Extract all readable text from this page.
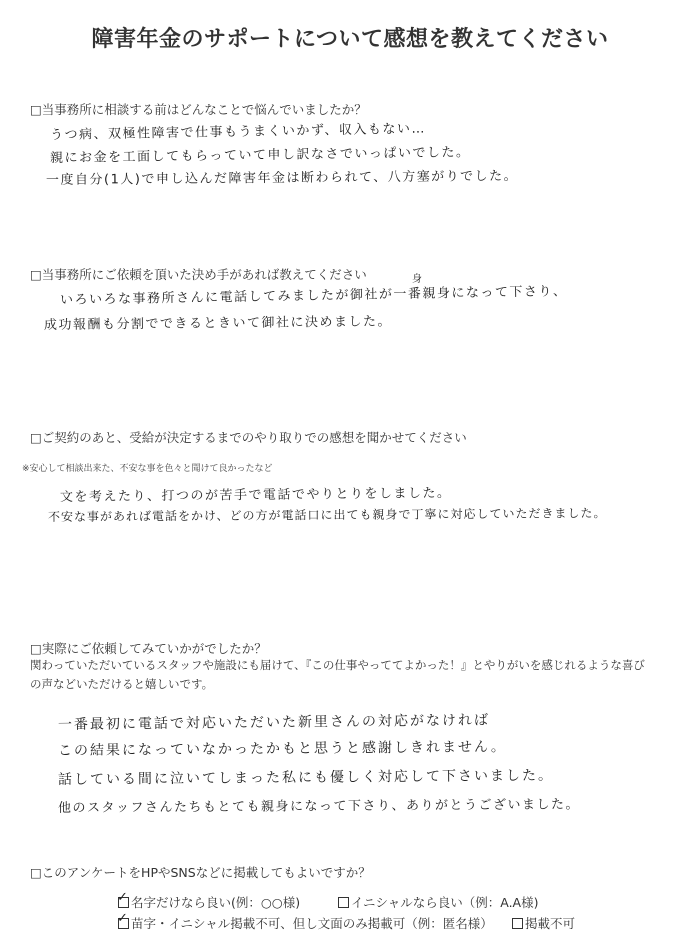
障害年金のサポートについて感想を教えてください
□当事務所に相談する前はどんなことで悩んでいましたか？
うつ病、双極性障害で仕事もうまくいかず、収入もない…
親にお金を工面してもらっていて申し訳なさでいっぱいでした。
一度自分(1人)で申し込んだ障害年金は断わられて、八方塞がりでした。
□当事務所にご依頼を頂いた決め手があれば教えてください	身
いろいろな事務所さんに電話してみましたが御社が一番親身になって下さり、
成功報酬も分割でできるときいて御社に決めました。
□ご契約のあと、受給が決定するまでのやり取りでの感想を聞かせてください
※安心して相談出来た、不安な事を色々と聞けて良かったなど
文を考えたり、打つのが苦手で電話でやりとりをしました。
不安な事があれば電話をかけ、どの方が電話口に出ても親身で丁寧に対応していただきました。
□実際にご依頼してみていかがでしたか？
関わっていただいているスタッフや施設にも届けて、『この仕事やっててよかった！』とやりがいを感じれるような喜び
の声などいただけると嬉しいです。
一番最初に電話で対応いただいた新里さんの対応がなければ
この結果になっていなかったかもと思うと感謝しきれません。
話している間に泣いてしまった私にも優しく対応して下さいました。
他のスタッフさんたちもとても親身になって下さり、ありがとうございました。
□このアンケートをHPやSNSなどに掲載してもよいですか？
✓ 名字だけなら良い(例：○○様)	イニシャルなら良い（例：A.A様)
✓ 苗字・イニシャル掲載不可、但し文面のみ掲載可（例：匿名様）	掲載不可
